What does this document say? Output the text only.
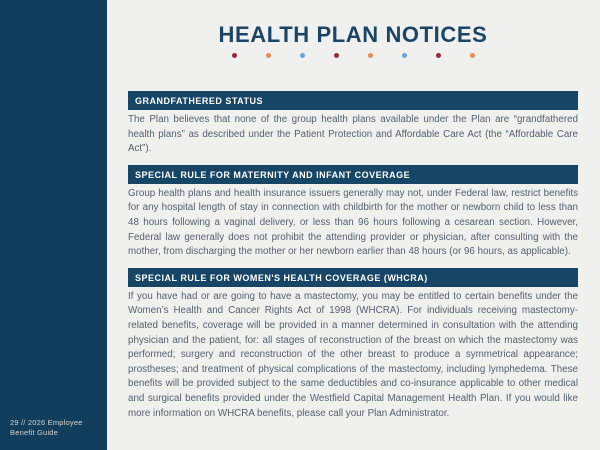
29 // 2026 Employee
Benefit Guide
HEALTH PLAN NOTICES
GRANDFATHERED STATUS
The Plan believes that none of the group health plans available under the Plan are “grandfathered health plans” as described under the Patient Protection and Affordable Care Act (the “Affordable Care Act”).
SPECIAL RULE FOR MATERNITY AND INFANT COVERAGE
Group health plans and health insurance issuers generally may not, under Federal law, restrict benefits for any hospital length of stay in connection with childbirth for the mother or newborn child to less than 48 hours following a vaginal delivery, or less than 96 hours following a cesarean section. However, Federal law generally does not prohibit the attending provider or physician, after consulting with the mother, from discharging the mother or her newborn earlier than 48 hours (or 96 hours, as applicable).
SPECIAL RULE FOR WOMEN'S HEALTH COVERAGE (WHCRA)
If you have had or are going to have a mastectomy, you may be entitled to certain benefits under the Women’s Health and Cancer Rights Act of 1998 (WHCRA). For individuals receiving mastectomy-related benefits, coverage will be provided in a manner determined in consultation with the attending physician and the patient, for: all stages of reconstruction of the breast on which the mastectomy was performed; surgery and reconstruction of the other breast to produce a symmetrical appearance; prostheses; and treatment of physical complications of the mastectomy, including lymphedema. These benefits will be provided subject to the same deductibles and co-insurance applicable to other medical and surgical benefits provided under the Westfield Capital Management Health Plan. If you would like more information on WHCRA benefits, please call your Plan Administrator.
